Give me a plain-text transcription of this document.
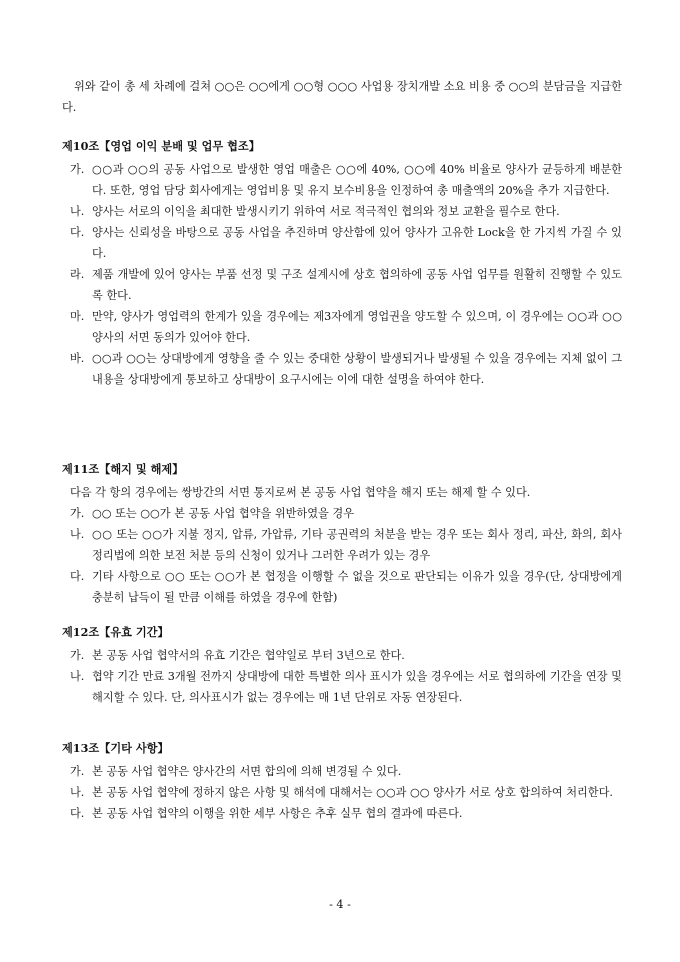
위와 같이 총 세 차례에 걸쳐 ○○은 ○○에게 ○○형 ○○○ 사업용 장치개발 소요 비용 중 ○○의 분담금을 지급한다.
제10조【영업 이익 분배 및 업무 협조】
가. ○○과 ○○의 공동 사업으로 발생한 영업 매출은 ○○에 40%, ○○에 40% 비율로 양사가 균등하게 배분한다. 또한, 영업 담당 회사에게는 영업비용 및 유지 보수비용을 인정하여 총 매출액의 20%을 추가 지급한다.
나. 양사는 서로의 이익을 최대한 발생시키기 위하여 서로 적극적인 협의와 정보 교환을 필수로 한다.
다. 양사는 신뢰성을 바탕으로 공동 사업을 추진하며 양산함에 있어 양사가 고유한 Lock을 한 가지씩 가질 수 있다.
라. 제품 개발에 있어 양사는 부품 선정 및 구조 설계시에 상호 협의하에 공동 사업 업무를 원활히 진행할 수 있도록 한다.
마. 만약, 양사가 영업력의 한계가 있을 경우에는 제3자에게 영업권을 양도할 수 있으며, 이 경우에는 ○○과 ○○ 양사의 서면 동의가 있어야 한다.
바. ○○과 ○○는 상대방에게 영향을 줄 수 있는 중대한 상황이 발생되거나 발생될 수 있을 경우에는 지체 없이 그 내용을 상대방에게 통보하고 상대방이 요구시에는 이에 대한 설명을 하여야 한다.
제11조【해지 및 해제】
다음 각 항의 경우에는 쌍방간의 서면 통지로써 본 공동 사업 협약을 해지 또는 해제 할 수 있다.
가. ○○ 또는 ○○가 본 공동 사업 협약을 위반하였을 경우
나. ○○ 또는 ○○가 지불 정지, 압류, 가압류, 기타 공권력의 처분을 받는 경우 또는 회사 정리, 파산, 화의, 회사 정리법에 의한 보전 처분 등의 신청이 있거나 그러한 우려가 있는 경우
다. 기타 사항으로 ○○ 또는 ○○가 본 협정을 이행할 수 없을 것으로 판단되는 이유가 있을 경우(단, 상대방에게 충분히 납득이 될 만큼 이해를 하였을 경우에 한함)
제12조【유효 기간】
가. 본 공동 사업 협약서의 유효 기간은 협약일로 부터 3년으로 한다.
나. 협약 기간 만료 3개월 전까지 상대방에 대한 특별한 의사 표시가 있을 경우에는 서로 협의하에 기간을 연장 및 해지할 수 있다. 단, 의사표시가 없는 경우에는 매 1년 단위로 자동 연장된다.
제13조【기타 사항】
가. 본 공동 사업 협약은 양사간의 서면 합의에 의해 변경될 수 있다.
나. 본 공동 사업 협약에 정하지 않은 사항 및 해석에 대해서는 ○○과 ○○ 양사가 서로 상호 합의하여 처리한다.
다. 본 공동 사업 협약의 이행을 위한 세부 사항은 추후 실무 협의 결과에 따른다.
- 4 -
